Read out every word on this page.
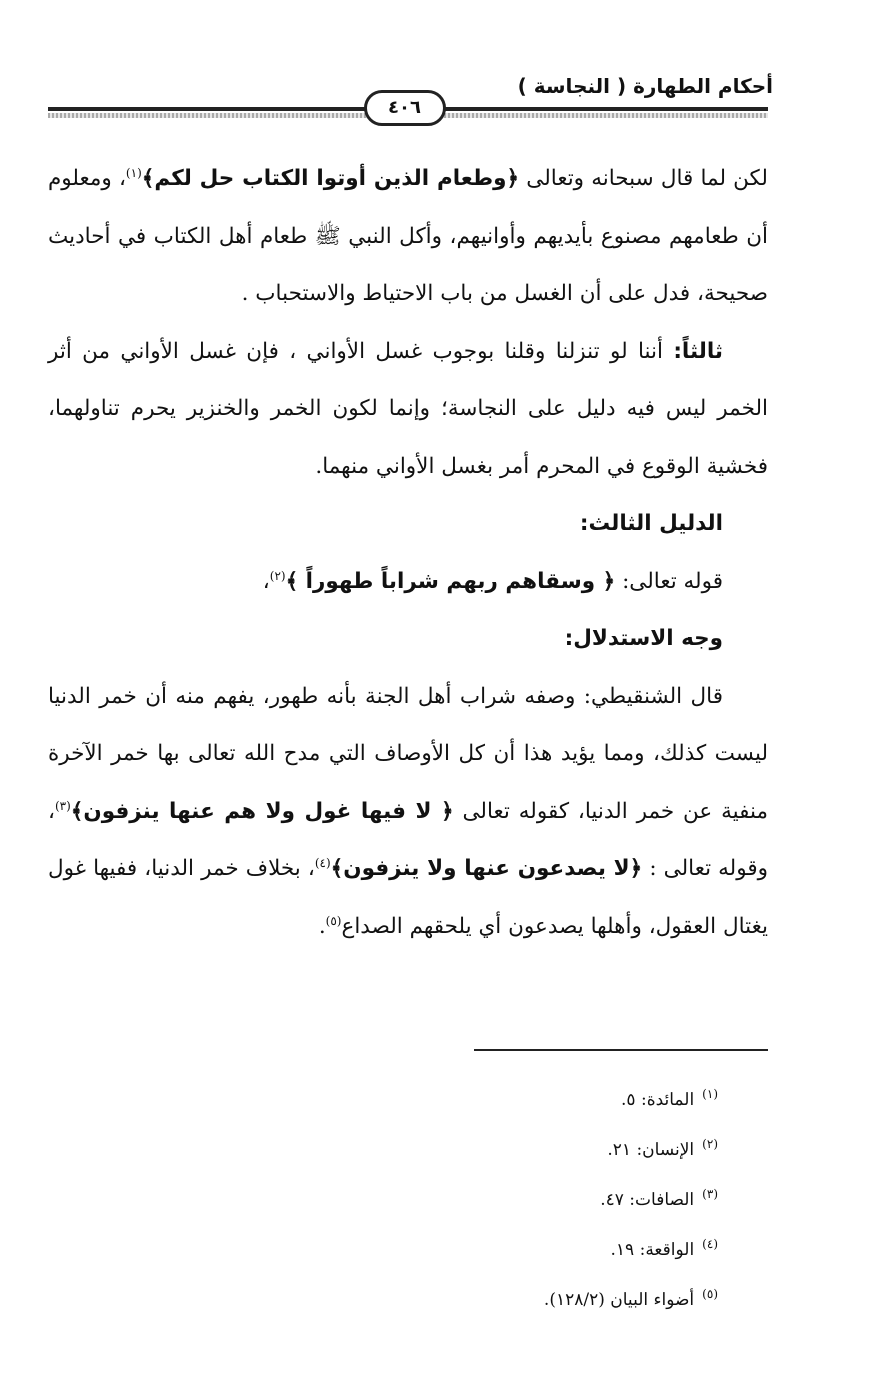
أحكام الطهارة ( النجاسة )
٤٠٦

لكن لما قال سبحانه وتعالى ﴿وطعام الذين أوتوا الكتاب حل لكم﴾$^{(١)}$، ومعلوم أن طعامهم مصنوع بأيديهم وأوانيهم، وأكل النبي ﷺ طعام أهل الكتاب في أحاديث صحيحة، فدل على أن الغسل من باب الاحتياط والاستحباب .

ثالثاً: أننا لو تنزلنا وقلنا بوجوب غسل الأواني ، فإن غسل الأواني من أثر الخمر ليس فيه دليل على النجاسة؛ وإنما لكون الخمر والخنزير يحرم تناولهما، فخشية الوقوع في المحرم أمر بغسل الأواني منهما.

الدليل الثالث:

قوله تعالى: ﴿ وسقاهم ربهم شراباً طهوراً ﴾$^{(٢)}$،

وجه الاستدلال:

قال الشنقيطي: وصفه شراب أهل الجنة بأنه طهور، يفهم منه أن خمر الدنيا ليست كذلك، ومما يؤيد هذا أن كل الأوصاف التي مدح الله تعالى بها خمر الآخرة منفية عن خمر الدنيا، كقوله تعالى ﴿ لا فيها غول ولا هم عنها ينزفون﴾$^{(٣)}$، وقوله تعالى : ﴿لا يصدعون عنها ولا ينزفون﴾$^{(٤)}$، بخلاف خمر الدنيا، ففيها غول يغتال العقول، وأهلها يصدعون أي يلحقهم الصداع$^{(٥)}$.

$^{(١)}$المائدة: ٥.
$^{(٢)}$الإنسان: ٢١.
$^{(٣)}$الصافات: ٤٧.
$^{(٤)}$الواقعة: ١٩.
$^{(٥)}$أضواء البيان (١٢٨/٢).
